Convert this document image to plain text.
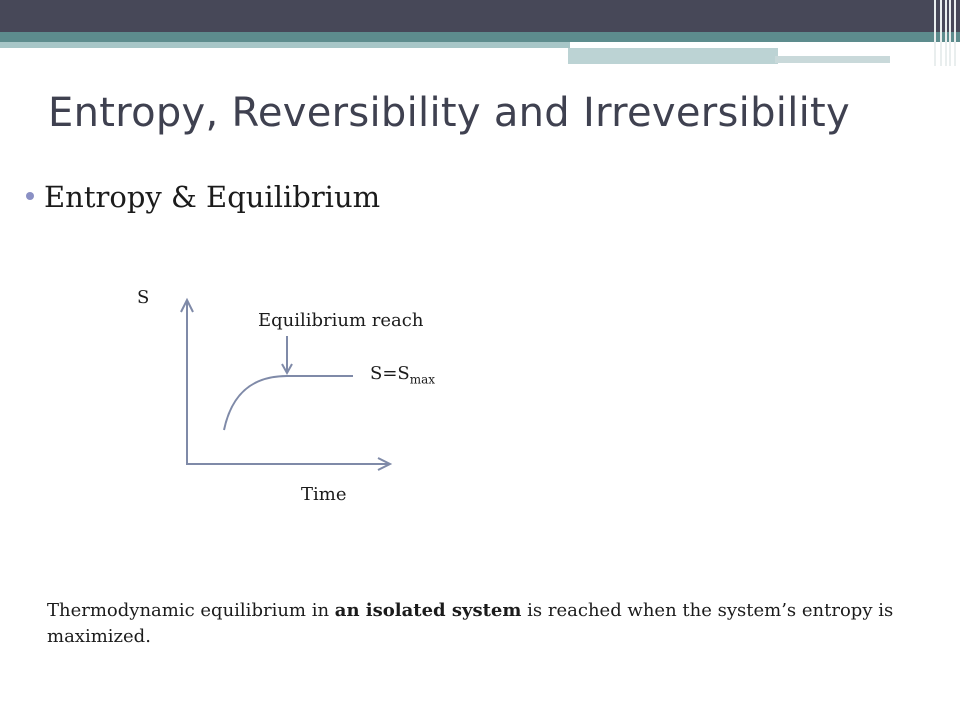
Entropy, Reversibility and Irreversibility
Entropy & Equilibrium
S
Equilibrium reach
$S=S_{max}$
Time
Thermodynamic equilibrium in an isolated system is reached when the system’s entropy is maximized.
